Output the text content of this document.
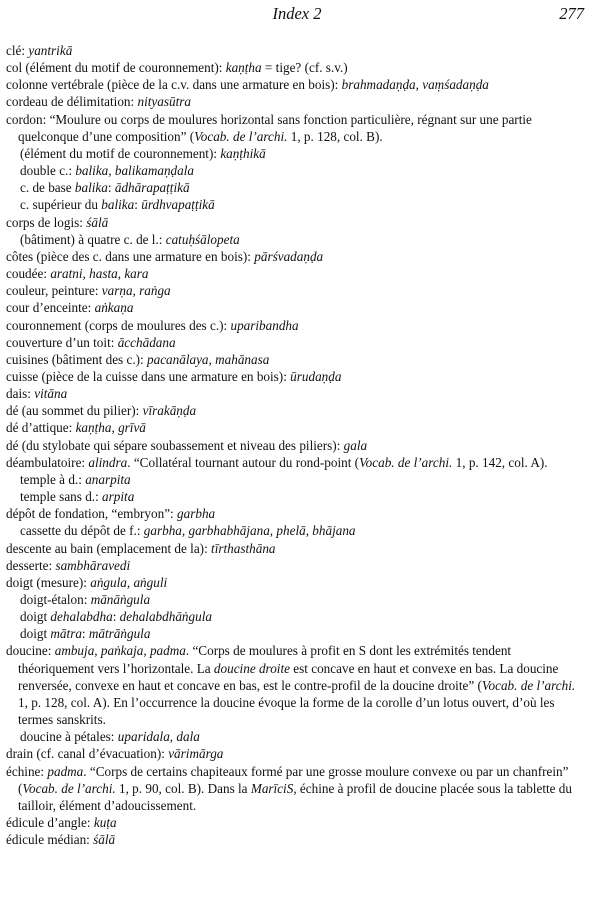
Index 2	277

clé: yantrikā

col (élément du motif de couronnement): kaṇṭha = tige? (cf. s.v.)

colonne vertébrale (pièce de la c.v. dans une armature en bois): brahmadaṇḍa, vaṃśadaṇḍa

cordeau de délimitation: nityasūtra

cordon: “Moulure ou corps de moulures horizontal sans fonction particulière, régnant sur une partie quelconque d’une composition” (Vocab. de l’archi. 1, p. 128, col. B).

(élément du motif de couronnement): kaṇṭhikā

double c.: balika, balikamaṇḍala

c. de base balika: ādhārapaṭṭikā

c. supérieur du balika: ūrdhvapaṭṭikā

corps de logis: śālā

(bâtiment) à quatre c. de l.: catuḥśālopeta

côtes (pièce des c. dans une armature en bois): pārśvadaṇḍa

coudée: aratni, hasta, kara

couleur, peinture: varṇa, raṅga

cour d’enceinte: aṅkaṇa

couronnement (corps de moulures des c.): uparibandha

couverture d’un toit: ācchādana

cuisines (bâtiment des c.): pacanālaya, mahānasa

cuisse (pièce de la cuisse dans une armature en bois): ūrudaṇḍa

dais: vitāna

dé (au sommet du pilier): vīrakāṇḍa

dé d’attique: kaṇṭha, grīvā

dé (du stylobate qui sépare soubassement et niveau des piliers): gala

déambulatoire: alindra. “Collatéral tournant autour du rond-point (Vocab. de l’archi. 1, p. 142, col. A).

temple à d.: anarpita

temple sans d.: arpita

dépôt de fondation, “embryon”: garbha

cassette du dépôt de f.: garbha, garbhabhājana, phelā, bhājana

descente au bain (emplacement de la): tīrthasthāna

desserte: sambhāravedi

doigt (mesure): aṅgula, aṅguli

doigt-étalon: mānāṅgula

doigt dehalabdha: dehalabdhāṅgula

doigt mātra: mātrāṅgula

doucine: ambuja, paṅkaja, padma. “Corps de moulures à profit en S dont les extrémités tendent théoriquement vers l’horizontale. La doucine droite est concave en haut et convexe en bas. La doucine renversée, convexe en haut et concave en bas, est le contre-profil de la doucine droite” (Vocab. de l’archi. 1, p. 128, col. A). En l’occurrence la doucine évoque la forme de la corolle d’un lotus ouvert, d’où les termes sanskrits.

doucine à pétales: uparidala, dala

drain (cf. canal d’évacuation): vārimārga

échine: padma. “Corps de certains chapiteaux formé par une grosse moulure convexe ou par un chanfrein” (Vocab. de l’archi. 1, p. 90, col. B). Dans la MarīciS, échine à profil de doucine placée sous la tablette du tailloir, élément d’adoucissement.

édicule d’angle: kuṭa

édicule médian: śālā
